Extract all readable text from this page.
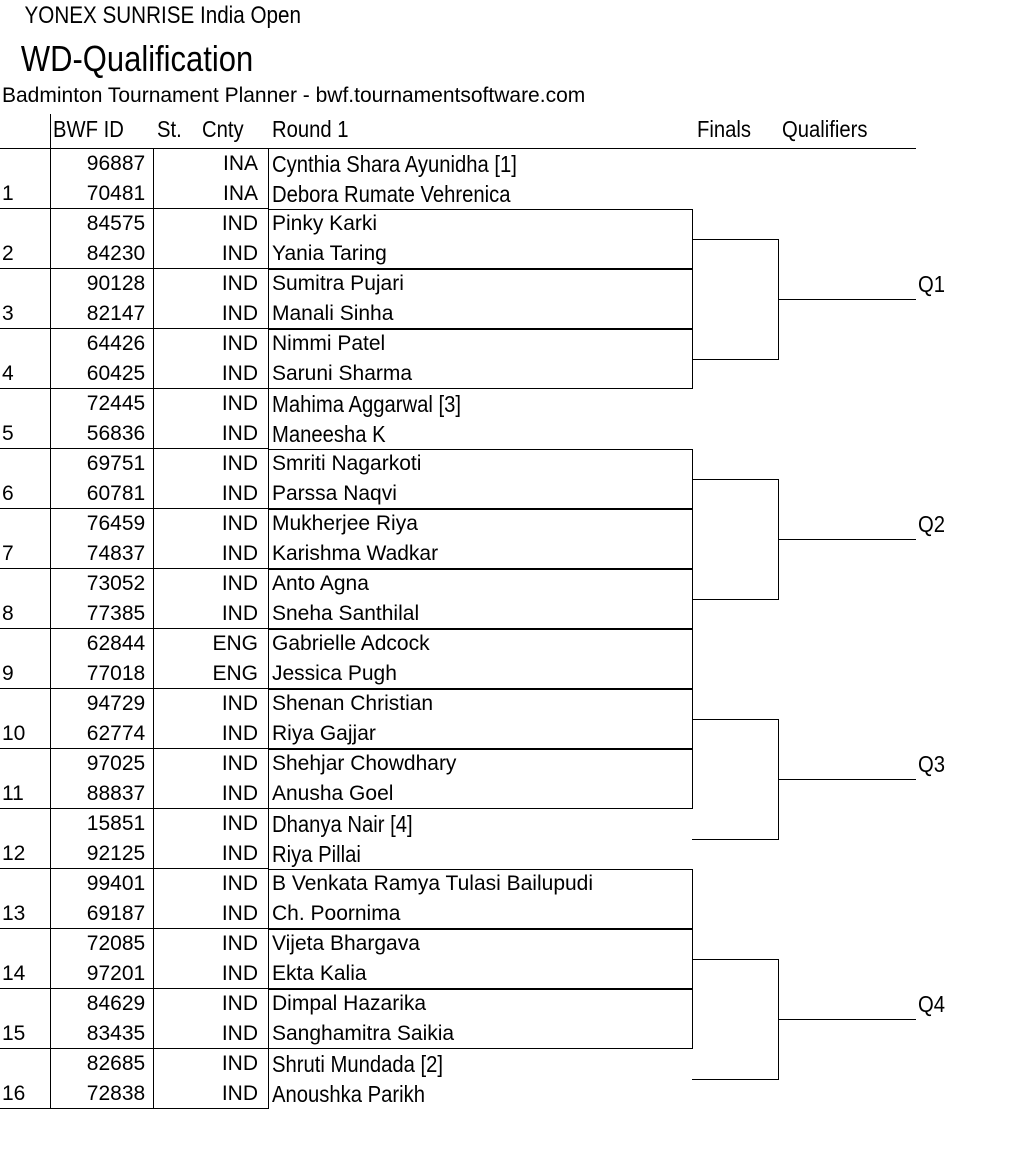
YONEX SUNRISE India Open
WD-Qualification
Badminton Tournament Planner - bwf.tournamentsoftware.com
BWF ID St. Cnty Round 1	Finals Qualifiers
1
96887	INA Cynthia Shara Ayunidha [1]
70481	INA Debora Rumate Vehrenica
2
84575	IND Pinky Karki
84230	IND Yania Taring
3
90128	IND Sumitra Pujari
82147	IND Manali Sinha
4
64426	IND Nimmi Patel
60425	IND Saruni Sharma
5
72445	IND Mahima Aggarwal [3]
56836	IND Maneesha K
6
69751	IND Smriti Nagarkoti
60781	IND Parssa Naqvi
7
76459	IND Mukherjee Riya
74837	IND Karishma Wadkar
8
73052	IND Anto Agna
77385	IND Sneha Santhilal
9
62844	ENG Gabrielle Adcock
77018	ENG Jessica Pugh
10
94729	IND Shenan Christian
62774	IND Riya Gajjar
11
97025	IND Shehjar Chowdhary
88837	IND Anusha Goel
12
15851	IND Dhanya Nair [4]
92125	IND Riya Pillai
13
99401	IND B Venkata Ramya Tulasi Bailupudi
69187	IND Ch. Poornima
14
72085	IND Vijeta Bhargava
97201	IND Ekta Kalia
15
84629	IND Dimpal Hazarika
83435	IND Sanghamitra Saikia
16
82685	IND Shruti Mundada [2]
72838	IND Anoushka Parikh
Q1
Q2
Q3
Q4
